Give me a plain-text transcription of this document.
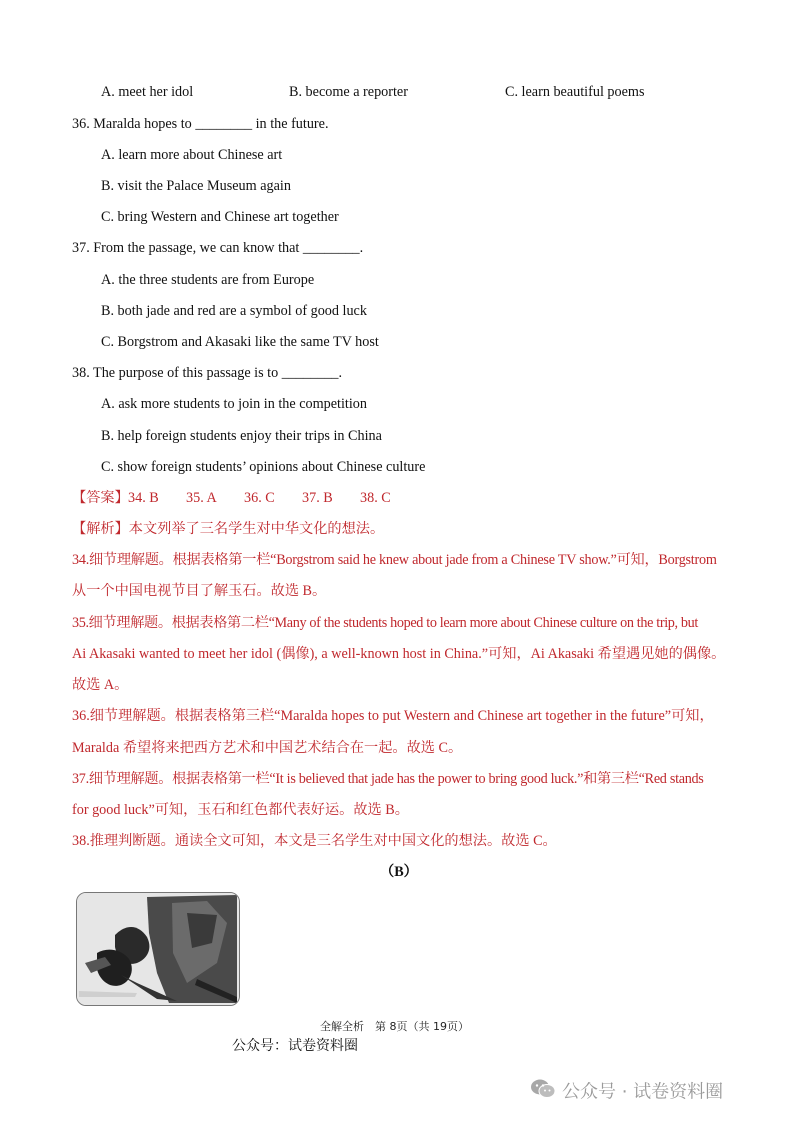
A. meet her idol	B. become a reporter	C. learn beautiful poems
36. Maralda hopes to ________ in the future.
A. learn more about Chinese art
B. visit the Palace Museum again
C. bring Western and Chinese art together
37. From the passage, we can know that ________.
A. the three students are from Europe
B. both jade and red are a symbol of good luck
C. Borgstrom and Akasaki like the same TV host
38. The purpose of this passage is to ________.
A. ask more students to join in the competition
B. help foreign students enjoy their trips in China
C. show foreign students’ opinions about Chinese culture
【答案】 34. B 35. A 36. C 37. B 38. C
【解析】本文列举了三名学生对中华文化的想法。
34.细节理解题。根据表格第一栏“Borgstrom said he knew about jade from a Chinese TV show.”可知，Borgstrom
从一个中国电视节目了解玉石。故选 B。
35.细节理解题。根据表格第二栏“Many of the students hoped to learn more about Chinese culture on the trip, but
Ai Akasaki wanted to meet her idol (偶像), a well-known host in China.”可知，Ai Akasaki 希望遇见她的偶像。
故选 A。
36.细节理解题。根据表格第三栏“Maralda hopes to put Western and Chinese art together in the future”可知，
Maralda 希望将来把西方艺术和中国艺术结合在一起。故选 C。
37.细节理解题。根据表格第一栏“It is believed that jade has the power to bring good luck.”和第三栏“Red stands
for good luck”可知，玉石和红色都代表好运。故选 B。
38.推理判断题。通读全文可知，本文是三名学生对中国文化的想法。故选 C。
（B）
全解全析　第 8页（共 19页）
公众号：试卷资料圈
公众号 · 试卷资料圈
